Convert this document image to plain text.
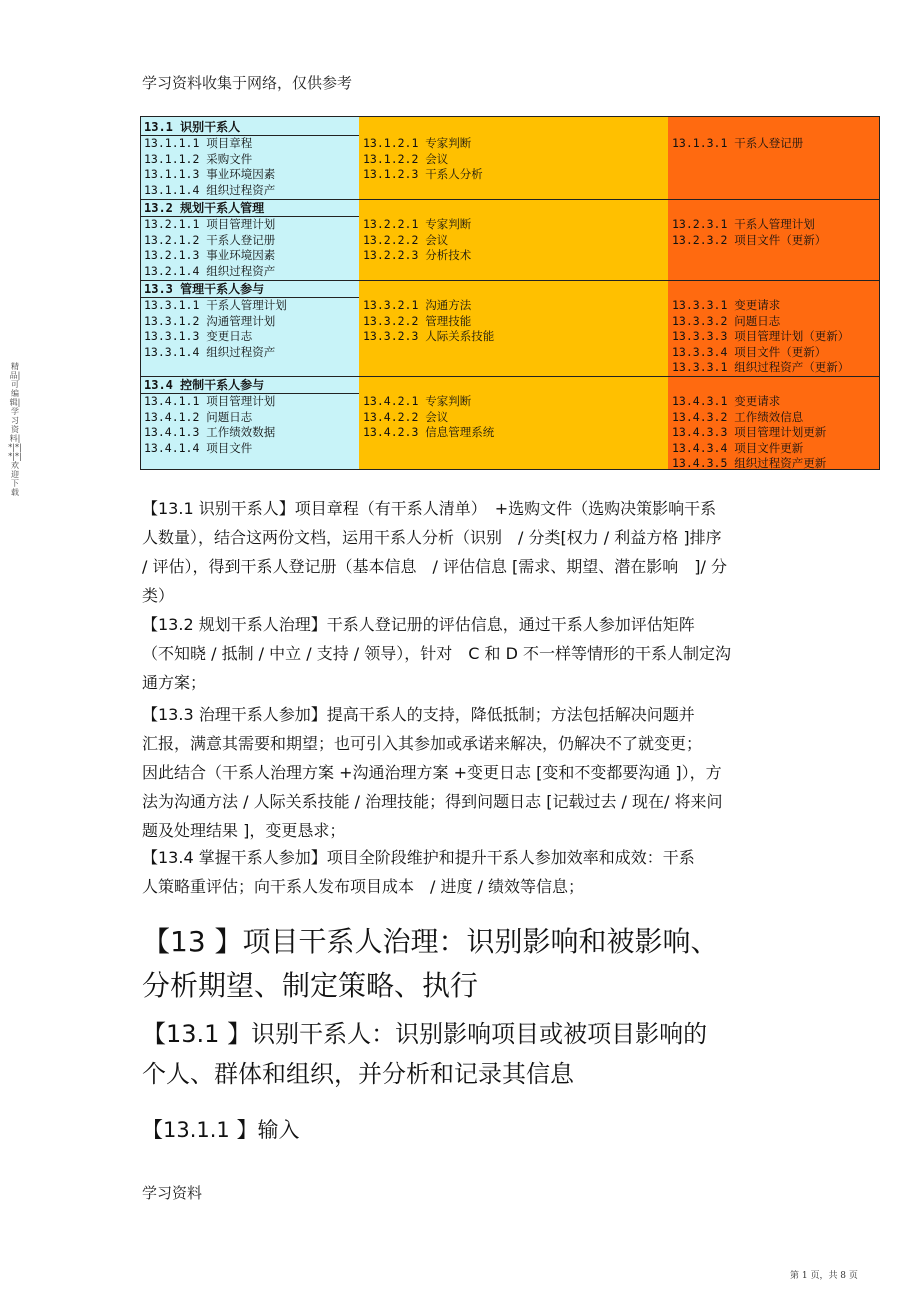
学习资料收集于网络，仅供参考
精品|可编辑|学习资料|*|*|*|*|欢迎下载
13.1 识别干系人
13.1.1.1 项目章程
13.1.1.2 采购文件
13.1.1.3 事业环境因素
13.1.1.4 组织过程资产
13.1.2.1 专家判断
13.1.2.2 会议
13.1.2.3 干系人分析
13.1.3.1 干系人登记册
13.2 规划干系人管理
13.2.1.1 项目管理计划
13.2.1.2 干系人登记册
13.2.1.3 事业环境因素
13.2.1.4 组织过程资产
13.2.2.1 专家判断
13.2.2.2 会议
13.2.2.3 分析技术
13.2.3.1 干系人管理计划
13.2.3.2 项目文件（更新）
13.3 管理干系人参与
13.3.1.1 干系人管理计划
13.3.1.2 沟通管理计划
13.3.1.3 变更日志
13.3.1.4 组织过程资产
13.3.2.1 沟通方法
13.3.2.2 管理技能
13.3.2.3 人际关系技能
13.3.3.1 变更请求
13.3.3.2 问题日志
13.3.3.3 项目管理计划（更新）
13.3.3.4 项目文件（更新）
13.3.3.1 组织过程资产（更新）
13.4 控制干系人参与
13.4.1.1 项目管理计划
13.4.1.2 问题日志
13.4.1.3 工作绩效数据
13.4.1.4 项目文件
13.4.2.1 专家判断
13.4.2.2 会议
13.4.2.3 信息管理系统
13.4.3.1 变更请求
13.4.3.2 工作绩效信息
13.4.3.3 项目管理计划更新
13.4.3.4 项目文件更新
13.4.3.5 组织过程资产更新

【13.1 识别干系人】项目章程（有干系人清单）　+选购文件（选购决策影响干系

人数量），结合这两份文档，运用干系人分析（识别　/ 分类[权力 / 利益方格 ]排序

/ 评估），得到干系人登记册（基本信息　/ 评估信息 [需求、期望、潜在影响　]/ 分

类）

【13.2 规划干系人治理】干系人登记册的评估信息，通过干系人参加评估矩阵

（不知晓 / 抵制 / 中立 / 支持 / 领导），针对　C 和 D 不一样等情形的干系人制定沟

通方案；

【13.3 治理干系人参加】提高干系人的支持，降低抵制；方法包括解决问题并

汇报，满意其需要和期望；也可引入其参加或承诺来解决，仍解决不了就变更；

因此结合（干系人治理方案 +沟通治理方案 +变更日志 [变和不变都要沟通 ]），方

法为沟通方法 / 人际关系技能 / 治理技能；得到问题日志 [记载过去 / 现在/ 将来问

题及处理结果 ]，变更恳求；

【13.4 掌握干系人参加】项目全阶段维护和提升干系人参加效率和成效：干系

人策略重评估；向干系人发布项目成本　/ 进度 / 绩效等信息；

【13 】项目干系人治理：识别影响和被影响、
分析期望、制定策略、执行
【13.1 】识别干系人：识别影响项目或被项目影响的
个人、群体和组织，并分析和记录其信息
【13.1.1 】输入
学习资料
第 1 页，共 8 页
